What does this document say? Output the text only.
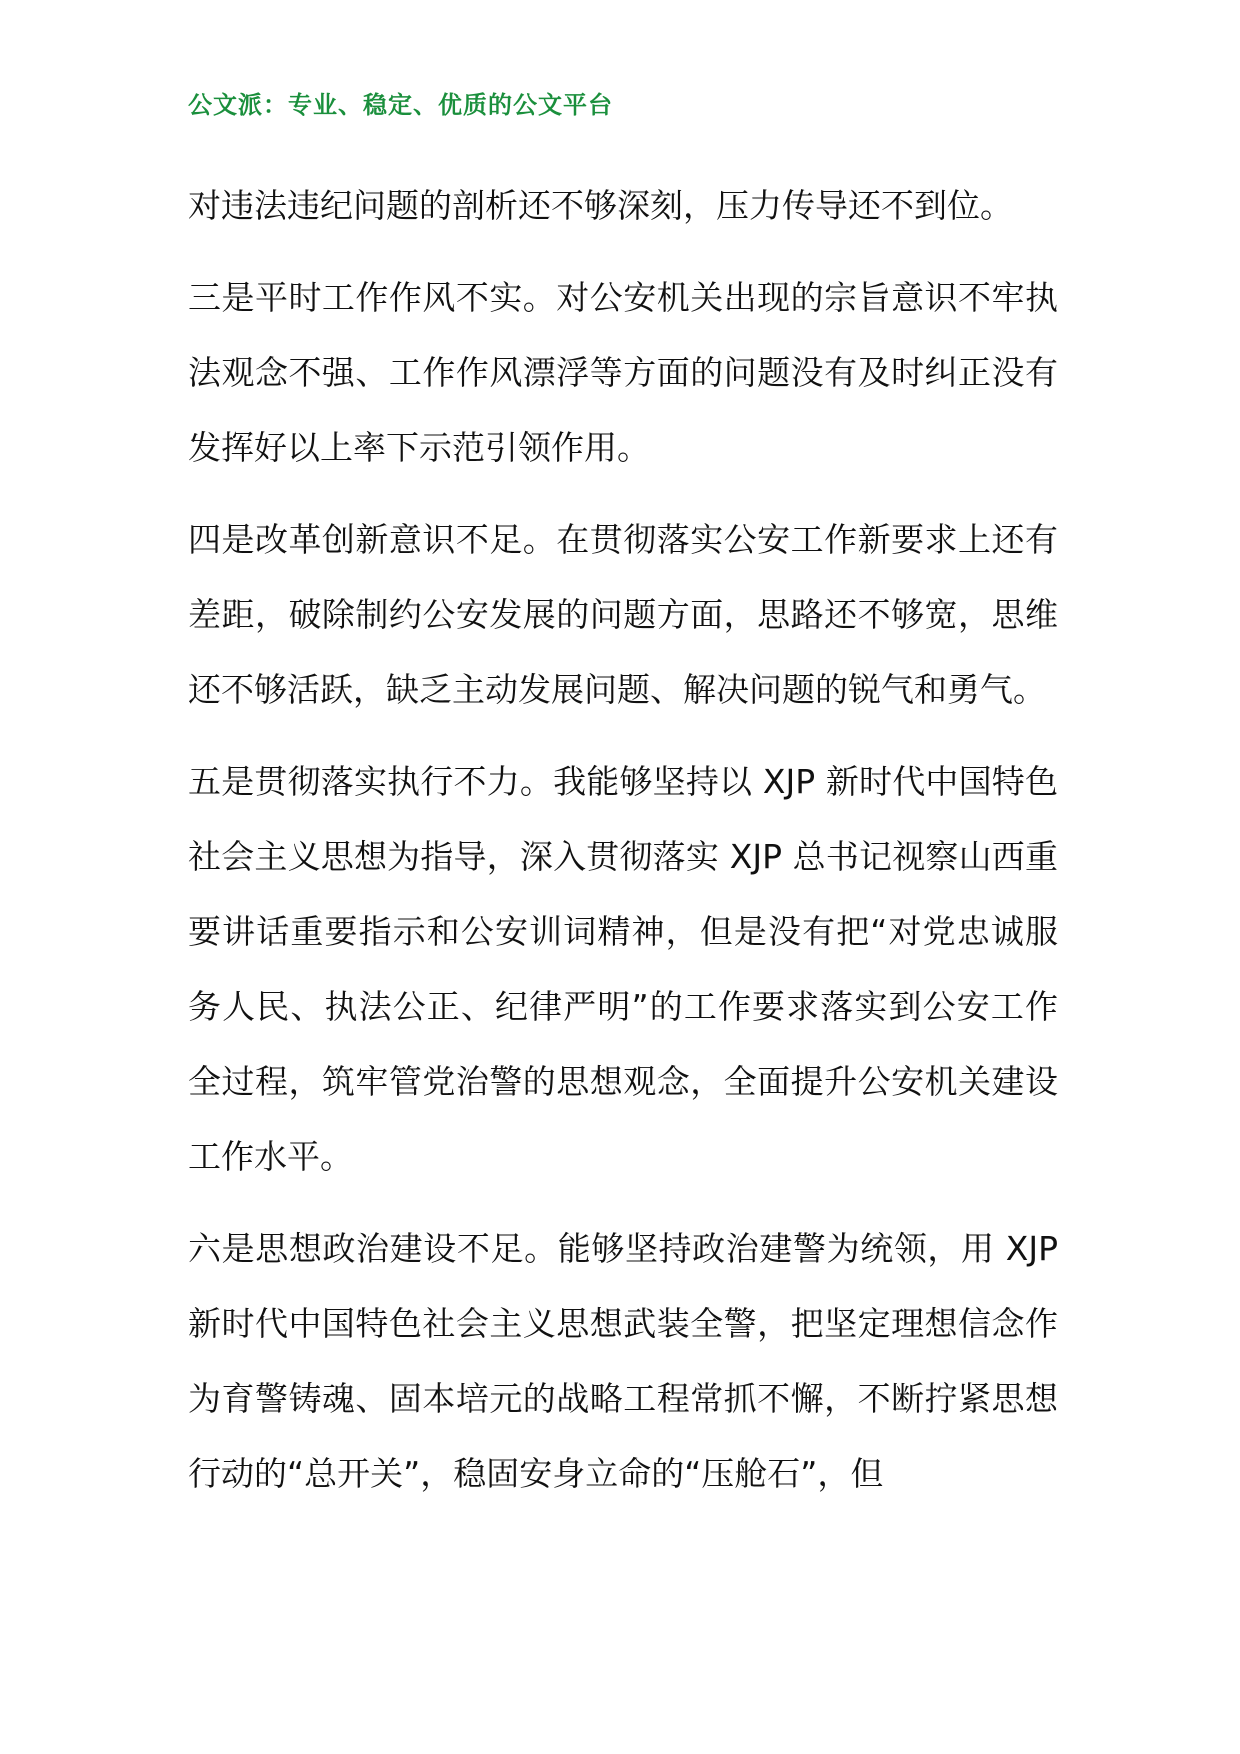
公文派：专业、稳定、优质的公文平台

对违法违纪问题的剖析还不够深刻，压力传导还不到位。

三是平时工作作风不实。对公安机关出现的宗旨意识不牢执法观念不强、工作作风漂浮等方面的问题没有及时纠正没有发挥好以上率下示范引领作用。

四是改革创新意识不足。在贯彻落实公安工作新要求上还有差距，破除制约公安发展的问题方面，思路还不够宽，思维还不够活跃，缺乏主动发展问题、解决问题的锐气和勇气。

五是贯彻落实执行不力。我能够坚持以 XJP 新时代中国特色社会主义思想为指导，深入贯彻落实 XJP 总书记视察山西重要讲话重要指示和公安训词精神，但是没有把“对党忠诚服务人民、执法公正、纪律严明”的工作要求落实到公安工作全过程，筑牢管党治警的思想观念，全面提升公安机关建设工作水平。

六是思想政治建设不足。能够坚持政治建警为统领，用 XJP 新时代中国特色社会主义思想武装全警，把坚定理想信念作为育警铸魂、固本培元的战略工程常抓不懈，不断拧紧思想行动的“总开关”，稳固安身立命的“压舱石”，但
